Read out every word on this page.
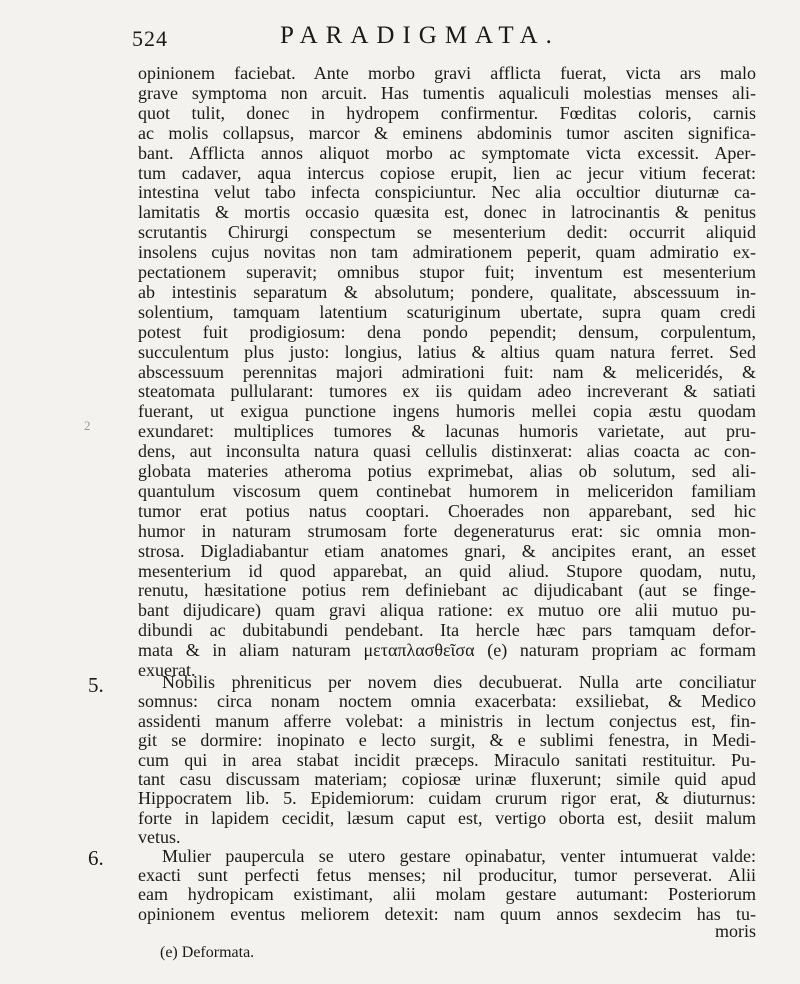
524	PARADIGMATA.
2
5.
6.
opinionem faciebat. Ante morbo gravi afflicta fuerat, victa ars malo
grave symptoma non arcuit. Has tumentis aqualiculi molestias menses ali-
quot tulit, donec in hydropem confirmentur. Fœditas coloris, carnis
ac molis collapsus, marcor & eminens abdominis tumor asciten significa-
bant. Afflicta annos aliquot morbo ac symptomate victa excessit. Aper-
tum cadaver, aqua intercus copiose erupit, lien ac jecur vitium fecerat:
intestina velut tabo infecta conspiciuntur. Nec alia occultior diuturnæ ca-
lamitatis & mortis occasio quæsita est, donec in latrocinantis & penitus
scrutantis Chirurgi conspectum se mesenterium dedit: occurrit aliquid
insolens cujus novitas non tam admirationem peperit, quam admiratio ex-
pectationem superavit; omnibus stupor fuit; inventum est mesenterium
ab intestinis separatum & absolutum; pondere, qualitate, abscessuum in-
solentium, tamquam latentium scaturiginum ubertate, supra quam credi
potest fuit prodigiosum: dena pondo pependit; densum, corpulentum,
succulentum plus justo: longius, latius & altius quam natura ferret. Sed
abscessuum perennitas majori admirationi fuit: nam & meliceridés, &
steatomata pullularant: tumores ex iis quidam adeo increverant & satiati
fuerant, ut exigua punctione ingens humoris mellei copia æstu quodam
exundaret: multiplices tumores & lacunas humoris varietate, aut pru-
dens, aut inconsulta natura quasi cellulis distinxerat: alias coacta ac con-
globata materies atheroma potius exprimebat, alias ob solutum, sed ali-
quantulum viscosum quem continebat humorem in meliceridon familiam
tumor erat potius natus cooptari. Choerades non apparebant, sed hic
humor in naturam strumosam forte degeneraturus erat: sic omnia mon-
strosa. Digladiabantur etiam anatomes gnari, & ancipites erant, an esset
mesenterium id quod apparebat, an quid aliud. Stupore quodam, nutu,
renutu, hæsitatione potius rem definiebant ac dijudicabant (aut se finge-
bant dijudicare) quam gravi aliqua ratione: ex mutuo ore alii mutuo pu-
dibundi ac dubitabundi pendebant. Ita hercle hæc pars tamquam defor-
mata & in aliam naturam μεταπλασθεῖσα (e) naturam propriam ac formam
exuerat.
Nobilis phreniticus per novem dies decubuerat. Nulla arte conciliatur
somnus: circa nonam noctem omnia exacerbata: exsiliebat, & Medico
assidenti manum afferre volebat: a ministris in lectum conjectus est, fin-
git se dormire: inopinato e lecto surgit, & e sublimi fenestra, in Medi-
cum qui in area stabat incidit præceps. Miraculo sanitati restituitur. Pu-
tant casu discussam materiam; copiosæ urinæ fluxerunt; simile quid apud
Hippocratem lib. 5. Epidemiorum: cuidam crurum rigor erat, & diuturnus:
forte in lapidem cecidit, læsum caput est, vertigo oborta est, desiit malum
vetus.
Mulier paupercula se utero gestare opinabatur, venter intumuerat valde:
exacti sunt perfecti fetus menses; nil producitur, tumor perseverat. Alii
eam hydropicam existimant, alii molam gestare autumant: Posteriorum
opinionem eventus meliorem detexit: nam quum annos sexdecim has tu-
moris
(e) Deformata.
